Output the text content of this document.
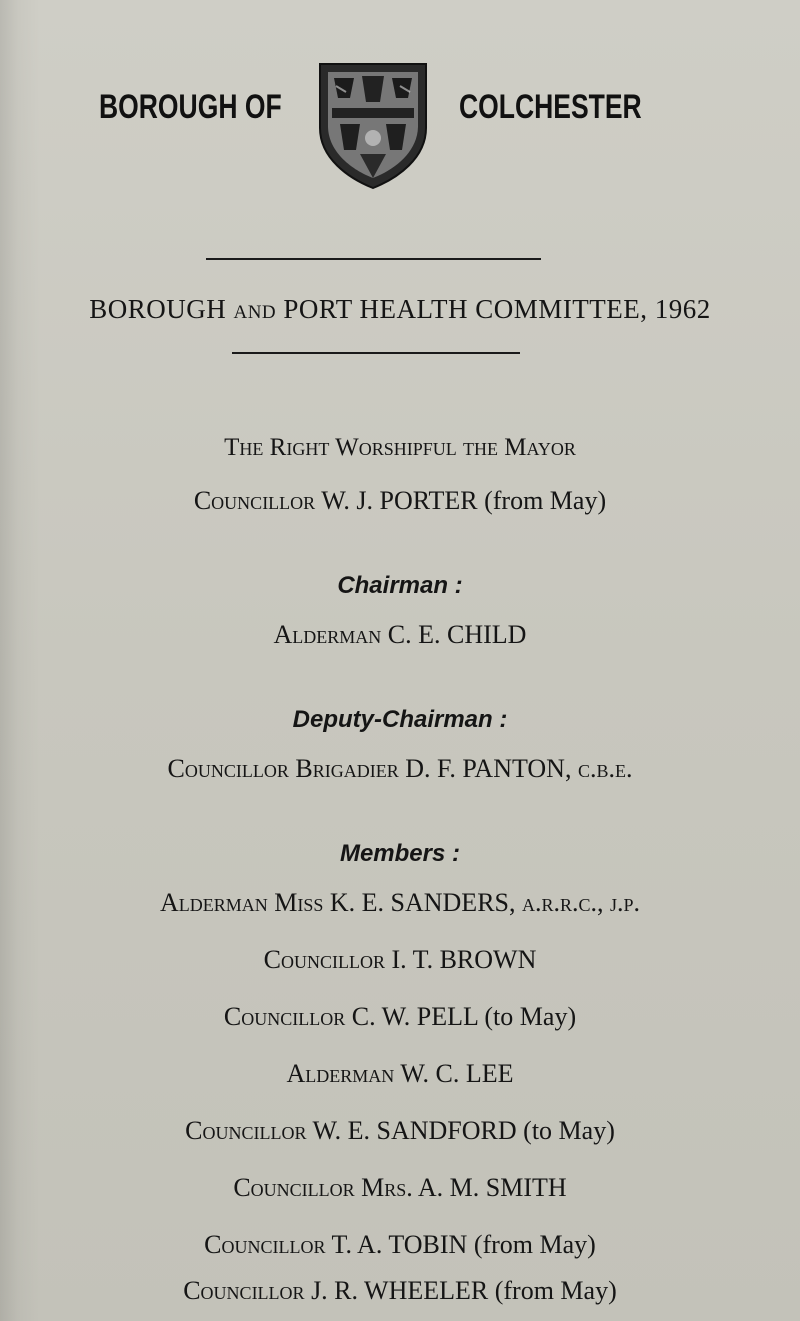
BOROUGH OF	COLCHESTER
BOROUGH and PORT HEALTH COMMITTEE, 1962
The Right Worshipful the Mayor
Councillor W. J. PORTER (from May)
Chairman :
Alderman C. E. CHILD
Deputy-Chairman :
Councillor Brigadier D. F. PANTON, c.b.e.
Members :
Alderman Miss K. E. SANDERS, a.r.r.c., j.p.
Councillor I. T. BROWN
Councillor C. W. PELL (to May)
Alderman W. C. LEE
Councillor W. E. SANDFORD (to May)
Councillor Mrs. A. M. SMITH
Councillor T. A. TOBIN (from May)
Councillor J. R. WHEELER (from May)
